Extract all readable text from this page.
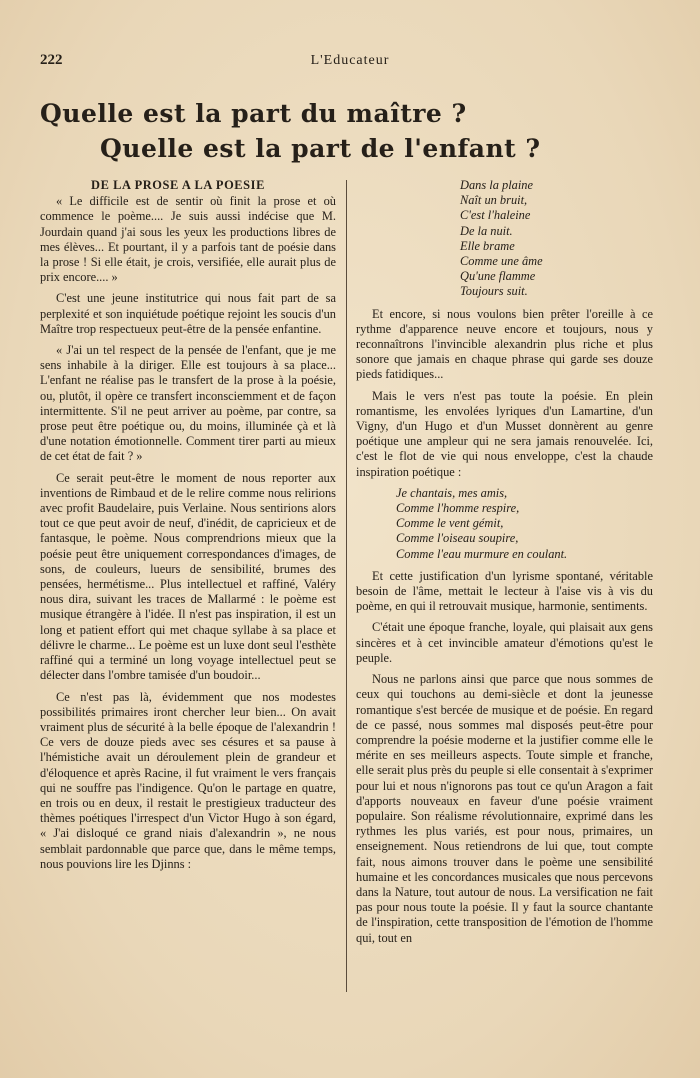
222	L'Educateur
Quelle est la part du maître ?
Quelle est la part de l'enfant ?
DE LA PROSE A LA POESIE

« Le difficile est de sentir où finit la prose et où commence le poème.... Je suis aussi indécise que M. Jourdain quand j'ai sous les yeux les productions libres de mes élèves... Et pourtant, il y a parfois tant de poésie dans la prose ! Si elle était, je crois, versifiée, elle aurait plus de prix encore.... »

C'est une jeune institutrice qui nous fait part de sa perplexité et son inquiétude poétique rejoint les soucis d'un Maître trop respectueux peut-être de la pensée enfantine.

« J'ai un tel respect de la pensée de l'enfant, que je me sens inhabile à la diriger. Elle est toujours à sa place... L'enfant ne réalise pas le transfert de la prose à la poésie, ou, plutôt, il opère ce transfert inconsciemment et de façon intermittente. S'il ne peut arriver au poème, par contre, sa prose peut être poétique ou, du moins, illuminée çà et là d'une notation émotionnelle. Comment tirer parti au mieux de cet état de fait ? »

Ce serait peut-être le moment de nous reporter aux inventions de Rimbaud et de le relire comme nous relirions avec profit Baudelaire, puis Verlaine. Nous sentirions alors tout ce que peut avoir de neuf, d'inédit, de capricieux et de fantasque, le poème. Nous comprendrions mieux que la poésie peut être uniquement correspondances d'images, de sons, de couleurs, lueurs de sensibilité, brumes des pensées, hermétisme... Plus intellectuel et raffiné, Valéry nous dira, suivant les traces de Mallarmé : le poème est musique étrangère à l'idée. Il n'est pas inspiration, il est un long et patient effort qui met chaque syllabe à sa place et délivre le charme... Le poème est un luxe dont seul l'esthète raffiné qui a terminé un long voyage intellectuel peut se délecter dans l'ombre tamisée d'un boudoir...

Ce n'est pas là, évidemment que nos modestes possibilités primaires iront chercher leur bien... On avait vraiment plus de sécurité à la belle époque de l'alexandrin ! Ce vers de douze pieds avec ses césures et sa pause à l'hémistiche avait un déroulement plein de grandeur et d'éloquence et après Racine, il fut vraiment le vers français qui ne souffre pas l'indigence. Qu'on le partage en quatre, en trois ou en deux, il restait le prestigieux traducteur des thèmes poétiques l'irrespect d'un Victor Hugo à son égard, « J'ai disloqué ce grand niais d'alexandrin », ne nous semblait pardonnable que parce que, dans le même temps, nous pouvions lire les Djinns :

Dans la plaine
Naît un bruit,
C'est l'haleine
De la nuit.
Elle brame
Comme une âme
Qu'une flamme
Toujours suit.

Et encore, si nous voulons bien prêter l'oreille à ce rythme d'apparence neuve encore et toujours, nous y reconnaîtrons l'invincible alexandrin plus riche et plus sonore que jamais en chaque phrase qui garde ses douze pieds fatidiques...

Mais le vers n'est pas toute la poésie. En plein romantisme, les envolées lyriques d'un Lamartine, d'un Vigny, d'un Hugo et d'un Musset donnèrent au genre poétique une ampleur qui ne sera jamais renouvelée. Ici, c'est le flot de vie qui nous enveloppe, c'est la chaude inspiration poétique :

Je chantais, mes amis,
Comme l'homme respire,
Comme le vent gémit,
Comme l'oiseau soupire,
Comme l'eau murmure en coulant.

Et cette justification d'un lyrisme spontané, véritable besoin de l'âme, mettait le lecteur à l'aise vis à vis du poème, en qui il retrouvait musique, harmonie, sentiments.

C'était une époque franche, loyale, qui plaisait aux gens sincères et à cet invincible amateur d'émotions qu'est le peuple.

Nous ne parlons ainsi que parce que nous sommes de ceux qui touchons au demi-siècle et dont la jeunesse romantique s'est bercée de musique et de poésie. En regard de ce passé, nous sommes mal disposés peut-être pour comprendre la poésie moderne et la justifier comme elle le mérite en ses meilleurs aspects. Toute simple et franche, elle serait plus près du peuple si elle consentait à s'exprimer pour lui et nous n'ignorons pas tout ce qu'un Aragon a fait d'apports nouveaux en faveur d'une poésie vraiment populaire. Son réalisme révolutionnaire, exprimé dans les rythmes les plus variés, est pour nous, primaires, un enseignement. Nous retiendrons de lui que, tout compte fait, nous aimons trouver dans le poème une sensibilité humaine et les concordances musicales que nous percevons dans la Nature, tout autour de nous. La versification ne fait pas pour nous toute la poésie. Il y faut la source chantante de l'inspiration, cette transposition de l'émotion de l'homme qui, tout en
